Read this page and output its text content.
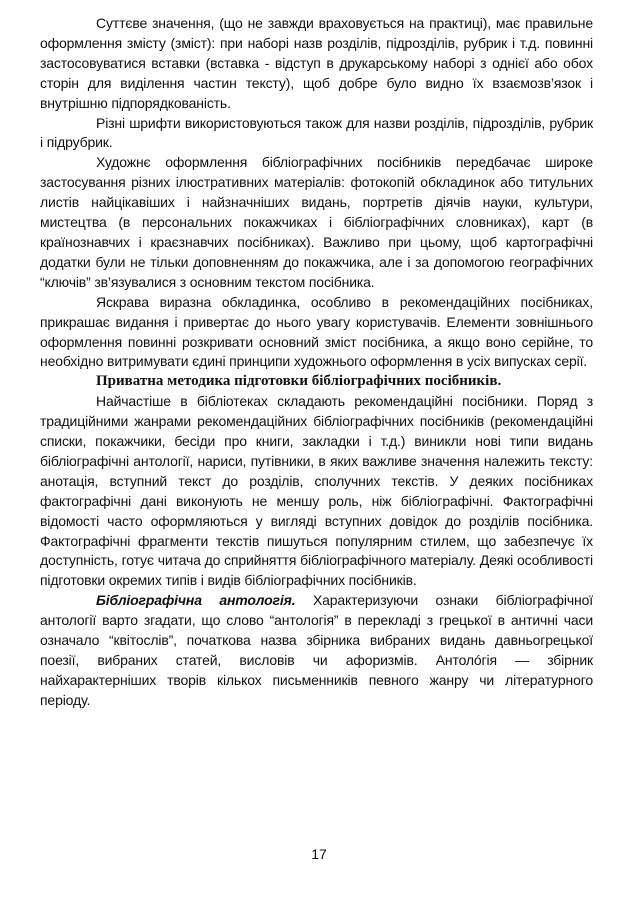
Суттєве значення, (що не завжди враховується на практиці), має правильне оформлення змісту (зміст): при наборі назв розділів, підрозділів, рубрик і т.д. повинні застосовуватися вставки (вставка - відступ в друкарському наборі з однієї або обох сторін для виділення частин тексту), щоб добре було видно їх взаємозв’язок і внутрішню підпорядкованість.

Різні шрифти використовуються також для назви розділів, підрозділів, рубрик і підрубрик.

Художнє оформлення бібліографічних посібників передбачає широке застосування різних ілюстративних матеріалів: фотокопій обкладинок або титульних листів найцікавіших і найзначніших видань, портретів діячів науки, культури, мистецтва (в персональних покажчиках і бібліографічних словниках), карт (в країнознавчих і краєзнавчих посібниках). Важливо при цьому, щоб картографічні додатки були не тільки доповненням до покажчика, але і за допомогою географічних “ключів” зв’язувалися з основним текстом посібника.

Яскрава виразна обкладинка, особливо в рекомендаційних посібниках, прикрашає видання і привертає до нього увагу користувачів. Елементи зовнішнього оформлення повинні розкривати основний зміст посібника, а якщо воно серійне, то необхідно витримувати єдині принципи художнього оформлення в усіх випусках серії.

Приватна методика підготовки бібліографічних посібників.

Найчастіше в бібліотеках складають рекомендаційні посібники. Поряд з традиційними жанрами рекомендаційних бібліографічних посібників (рекомендаційні списки, покажчики, бесіди про книги, закладки і т.д.) виникли нові типи видань бібліографічні антології, нариси, путівники, в яких важливе значення належить тексту: анотація, вступний текст до розділів, сполучних текстів. У деяких посібниках фактографічні дані виконують не меншу роль, ніж бібліографічні. Фактографічні відомості часто оформляються у вигляді вступних довідок до розділів посібника. Фактографічні фрагменти текстів пишуться популярним стилем, що забезпечує їх доступність, готує читача до сприйняття бібліографічного матеріалу. Деякі особливості підготовки окремих типів і видів бібліографічних посібників.

Бібліографічна антологія. Характеризуючи ознаки бібліографічної антології варто згадати, що слово “антологія” в перекладі з грецької в античні часи означало “квітослів”, початкова назва збірника вибраних видань давньогрецької поезії, вибраних статей, висловів чи афоризмів. Антолóгія — збірник найхарактерніших творів кількох письменників певного жанру чи літературного періоду.

17
